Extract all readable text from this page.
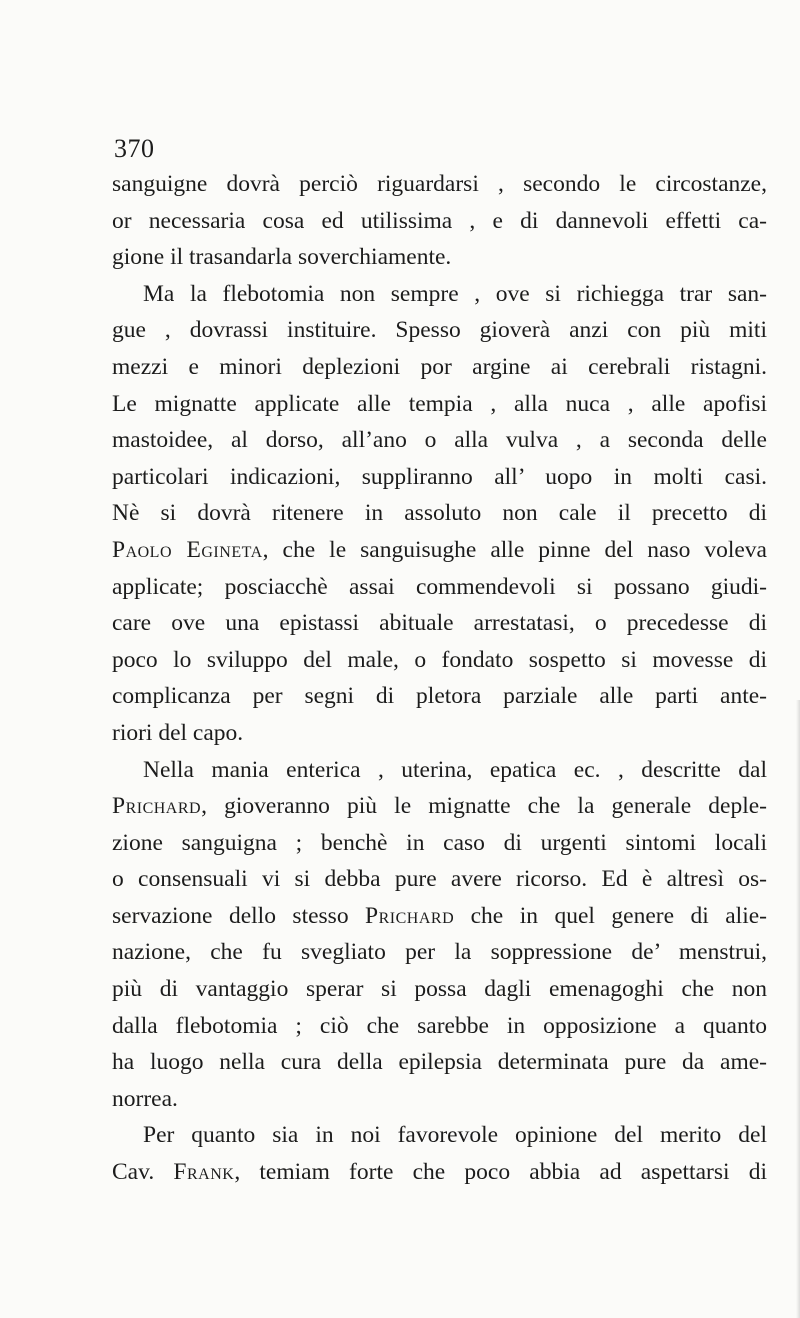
370
sanguigne dovrà perciò riguardarsi , secondo le circostanze,
or necessaria cosa ed utilissima , e di dannevoli effetti ca-
gione il trasandarla soverchiamente.
Ma la flebotomia non sempre , ove si richiegga trar san-
gue , dovrassi instituire. Spesso gioverà anzi con più miti
mezzi e minori deplezioni por argine ai cerebrali ristagni.
Le mignatte applicate alle tempia , alla nuca , alle apofisi
mastoidee, al dorso, all’ano o alla vulva , a seconda delle
particolari indicazioni, suppliranno all’ uopo in molti casi.
Nè si dovrà ritenere in assoluto non cale il precetto di
Paolo Egineta, che le sanguisughe alle pinne del naso voleva
applicate; posciacchè assai commendevoli si possano giudi-
care ove una epistassi abituale arrestatasi, o precedesse di
poco lo sviluppo del male, o fondato sospetto si movesse di
complicanza per segni di pletora parziale alle parti ante-
riori del capo.
Nella mania enterica , uterina, epatica ec. , descritte dal
Prichard, gioveranno più le mignatte che la generale deple-
zione sanguigna ; benchè in caso di urgenti sintomi locali
o consensuali vi si debba pure avere ricorso. Ed è altresì os-
servazione dello stesso Prichard che in quel genere di alie-
nazione, che fu svegliato per la soppressione de’ menstrui,
più di vantaggio sperar si possa dagli emenagoghi che non
dalla flebotomia ; ciò che sarebbe in opposizione a quanto
ha luogo nella cura della epilepsia determinata pure da ame-
norrea.
Per quanto sia in noi favorevole opinione del merito del
Cav. Frank, temiam forte che poco abbia ad aspettarsi di
